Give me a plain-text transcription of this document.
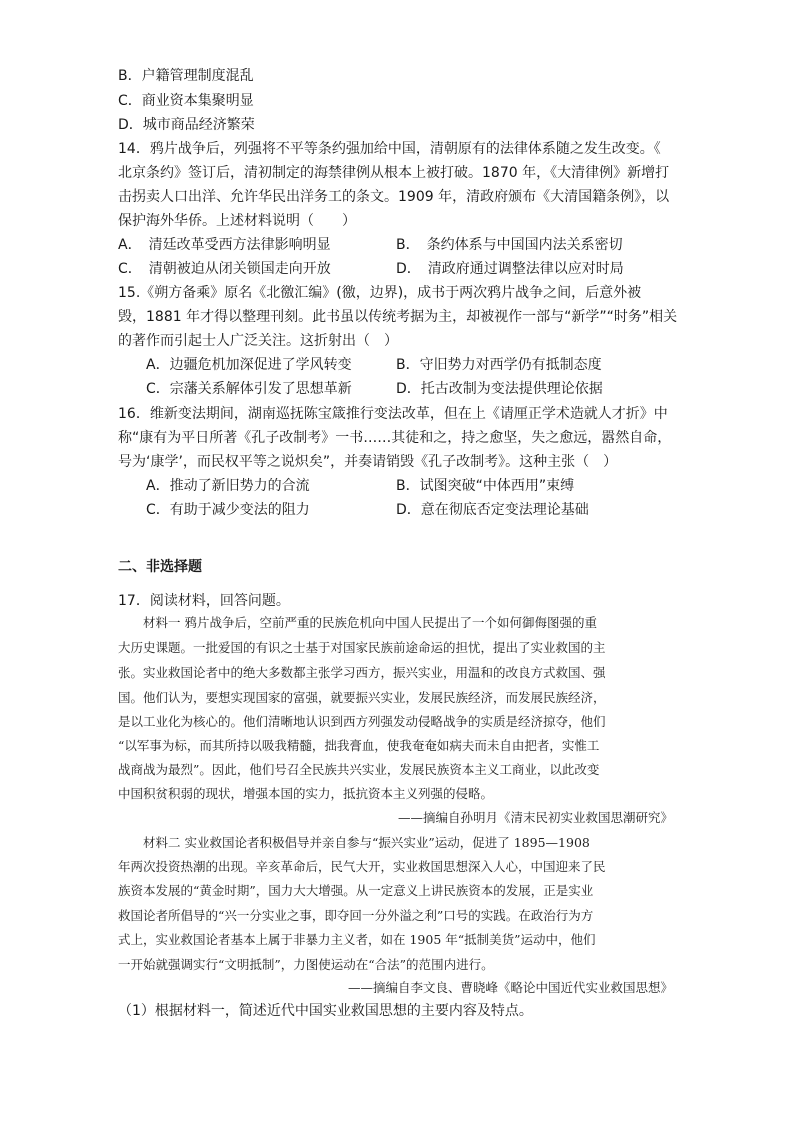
B．户籍管理制度混乱
C．商业资本集聚明显
D．城市商品经济繁荣
14．鸦片战争后，列强将不平等条约强加给中国，清朝原有的法律体系随之发生改变。《
北京条约》签订后，清初制定的海禁律例从根本上被打破。1870 年，《大清律例》新增打
击拐卖人口出洋、允许华民出洋务工的条文。1909 年，清政府颁布《大清国籍条例》，以
保护海外华侨。上述材料说明（　　）
A．　清廷改革受西方法律影响明显	B．　条约体系与中国国内法关系密切
C．　清朝被迫从闭关锁国走向开放	D．　清政府通过调整法律以应对时局
15.《朔方备乘》原名《北徼汇编》(徼，边界)，成书于两次鸦片战争之间，后意外被
毁，1881 年才得以整理刊刻。此书虽以传统考据为主，却被视作一部与“新学”“时务”相关
的著作而引起士人广泛关注。这折射出（　）
A．边疆危机加深促进了学风转变	B．守旧势力对西学仍有抵制态度
C．宗藩关系解体引发了思想革新	D．托古改制为变法提供理论依据
16．维新变法期间，湖南巡抚陈宝箴推行变法改革，但在上《请厘正学术造就人才折》中
称“康有为平日所著《孔子改制考》一书……其徒和之，持之愈坚，失之愈远，嚣然自命，
号为‘康学’，而民权平等之说炽矣”，并奏请销毁《孔子改制考》。这种主张（　）
A．推动了新旧势力的合流	B．试图突破“中体西用”束缚
C．有助于减少变法的阻力	D．意在彻底否定变法理论基础
二、非选择题
17．阅读材料，回答问题。
　　材料一 鸦片战争后，空前严重的民族危机向中国人民提出了一个如何御侮图强的重
大历史课题。一批爱国的有识之士基于对国家民族前途命运的担忧，提出了实业救国的主
张。实业救国论者中的绝大多数都主张学习西方，振兴实业，用温和的改良方式救国、强
国。他们认为，要想实现国家的富强，就要振兴实业，发展民族经济，而发展民族经济，
是以工业化为核心的。他们清晰地认识到西方列强发动侵略战争的实质是经济掠夺，他们
“以军事为标，而其所持以吸我精髓，拙我膏血，使我奄奄如病夫而未自由把者，实惟工
战商战为最烈”。因此，他们号召全民族共兴实业，发展民族资本主义工商业，以此改变
中国积贫积弱的现状，增强本国的实力，抵抗资本主义列强的侵略。
——摘编自孙明月《清末民初实业救国思潮研究》
　　材料二 实业救国论者积极倡导并亲自参与“振兴实业”运动，促进了 1895—1908
年两次投资热潮的出现。辛亥革命后，民气大开，实业救国思想深入人心，中国迎来了民
族资本发展的“黄金时期”，国力大大增强。从一定意义上讲民族资本的发展，正是实业
救国论者所倡导的“兴一分实业之事，即夺回一分外溢之利”口号的实践。在政治行为方
式上，实业救国论者基本上属于非暴力主义者，如在 1905 年“抵制美货”运动中，他们
一开始就强调实行“文明抵制”，力图使运动在“合法”的范围内进行。
——摘编自李文良、曹晓峰《略论中国近代实业救国思想》
（1）根据材料一，简述近代中国实业救国思想的主要内容及特点。
